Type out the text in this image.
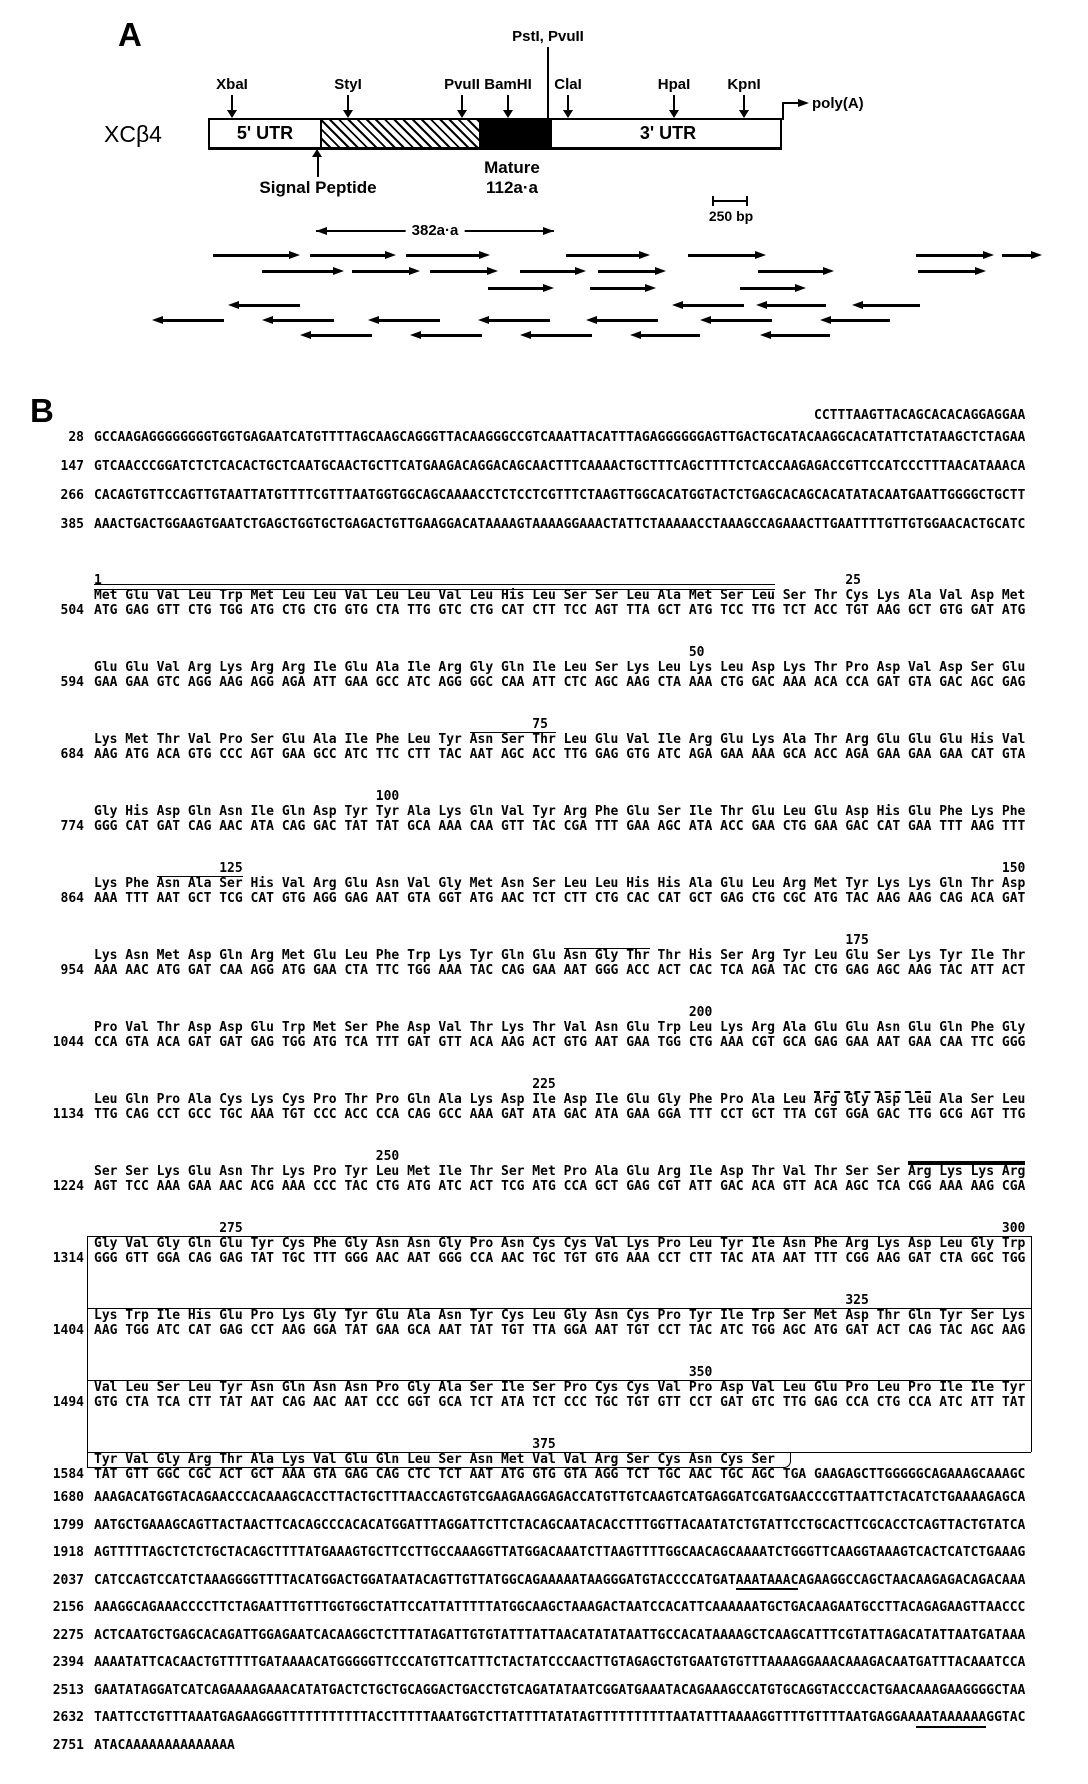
A
XCβ4
PstI, PvuII
5' UTR	3' UTR
Signal Peptide
Mature
112a·a
250 bp
382a·a
poly(A)
XbaI	StyI	PvuII BamHI ClaI	HpaI KpnI
B	CCTTTAAGTTACAGCACACAGGAGGAA
28 GCCAAGAGGGGGGGGTGGTGAGAATCATGTTTTAGCAAGCAGGGTTACAAGGGCCGTCAAATTACATTTAGAGGGGGGAGTTGACTGCATACAAGGCACATATTCTATAAGCTCTAGAA
147 GTCAACCCGGATCTCTCACACTGCTCAATGCAACTGCTTCATGAAGACAGGACAGCAACTTTCAAAACTGCTTTCAGCTTTTCTCACCAAGAGACCGTTCCATCCCTTTAACATAAACA
266 CACAGTGTTCCAGTTGTAATTATGTTTTCGTTTAATGGTGGCAGCAAAACCTCTCCTCGTTTCTAAGTTGGCACATGGTACTCTGAGCACAGCACATATACAATGAATTGGGGCTGCTT
385 AAACTGACTGGAAGTGAATCTGAGCTGGTGCTGAGACTGTTGAAGGACATAAAAGTAAAAGGAAACTATTCTAAAAACCTAAAGCCAGAAACTTGAATTTTGTTGTGGAACACTGCATC
1	25
Met Glu Val Leu Trp Met Leu Leu Val Leu Leu Val Leu His Leu Ser Ser Leu Ala Met Ser Leu Ser Thr Cys Lys Ala Val Asp Met
504 ATG GAG GTT CTG TGG ATG CTG CTG GTG CTA TTG GTC CTG CAT CTT TCC AGT TTA GCT ATG TCC TTG TCT ACC TGT AAG GCT GTG GAT ATG
50
Glu Glu Val Arg Lys Arg Arg Ile Glu Ala Ile Arg Gly Gln Ile Leu Ser Lys Leu Lys Leu Asp Lys Thr Pro Asp Val Asp Ser Glu
594 GAA GAA GTC AGG AAG AGG AGA ATT GAA GCC ATC AGG GGC CAA ATT CTC AGC AAG CTA AAA CTG GAC AAA ACA CCA GAT GTA GAC AGC GAG
75
Lys Met Thr Val Pro Ser Glu Ala Ile Phe Leu Tyr Asn Ser Thr Leu Glu Val Ile Arg Glu Lys Ala Thr Arg Glu Glu Glu His Val
684 AAG ATG ACA GTG CCC AGT GAA GCC ATC TTC CTT TAC AAT AGC ACC TTG GAG GTG ATC AGA GAA AAA GCA ACC AGA GAA GAA GAA CAT GTA
100
Gly His Asp Gln Asn Ile Gln Asp Tyr Tyr Ala Lys Gln Val Tyr Arg Phe Glu Ser Ile Thr Glu Leu Glu Asp His Glu Phe Lys Phe
774 GGG CAT GAT CAG AAC ATA CAG GAC TAT TAT GCA AAA CAA GTT TAC CGA TTT GAA AGC ATA ACC GAA CTG GAA GAC CAT GAA TTT AAG TTT
125	150
Lys Phe Asn Ala Ser His Val Arg Glu Asn Val Gly Met Asn Ser Leu Leu His His Ala Glu Leu Arg Met Tyr Lys Lys Gln Thr Asp
864 AAA TTT AAT GCT TCG CAT GTG AGG GAG AAT GTA GGT ATG AAC TCT CTT CTG CAC CAT GCT GAG CTG CGC ATG TAC AAG AAG CAG ACA GAT
175
Lys Asn Met Asp Gln Arg Met Glu Leu Phe Trp Lys Tyr Gln Glu Asn Gly Thr Thr His Ser Arg Tyr Leu Glu Ser Lys Tyr Ile Thr
954 AAA AAC ATG GAT CAA AGG ATG GAA CTA TTC TGG AAA TAC CAG GAA AAT GGG ACC ACT CAC TCA AGA TAC CTG GAG AGC AAG TAC ATT ACT
200
Pro Val Thr Asp Asp Glu Trp Met Ser Phe Asp Val Thr Lys Thr Val Asn Glu Trp Leu Lys Arg Ala Glu Glu Asn Glu Gln Phe Gly
1044 CCA GTA ACA GAT GAT GAG TGG ATG TCA TTT GAT GTT ACA AAG ACT GTG AAT GAA TGG CTG AAA CGT GCA GAG GAA AAT GAA CAA TTC GGG
225
Leu Gln Pro Ala Cys Lys Cys Pro Thr Pro Gln Ala Lys Asp Ile Asp Ile Glu Gly Phe Pro Ala Leu Arg Gly Asp Leu Ala Ser Leu
1134 TTG CAG CCT GCC TGC AAA TGT CCC ACC CCA CAG GCC AAA GAT ATA GAC ATA GAA GGA TTT CCT GCT TTA CGT GGA GAC TTG GCG AGT TTG
250
Ser Ser Lys Glu Asn Thr Lys Pro Tyr Leu Met Ile Thr Ser Met Pro Ala Glu Arg Ile Asp Thr Val Thr Ser Ser Arg Lys Lys Arg
1224 AGT TCC AAA GAA AAC ACG AAA CCC TAC CTG ATG ATC ACT TCG ATG CCA GCT GAG CGT ATT GAC ACA GTT ACA AGC TCA CGG AAA AAG CGA
275	300
Gly Val Gly Gln Glu Tyr Cys Phe Gly Asn Asn Gly Pro Asn Cys Cys Val Lys Pro Leu Tyr Ile Asn Phe Arg Lys Asp Leu Gly Trp
1314 GGG GTT GGA CAG GAG TAT TGC TTT GGG AAC AAT GGG CCA AAC TGC TGT GTG AAA CCT CTT TAC ATA AAT TTT CGG AAG GAT CTA GGC TGG
325
Lys Trp Ile His Glu Pro Lys Gly Tyr Glu Ala Asn Tyr Cys Leu Gly Asn Cys Pro Tyr Ile Trp Ser Met Asp Thr Gln Tyr Ser Lys
1404 AAG TGG ATC CAT GAG CCT AAG GGA TAT GAA GCA AAT TAT TGT TTA GGA AAT TGT CCT TAC ATC TGG AGC ATG GAT ACT CAG TAC AGC AAG
350
Val Leu Ser Leu Tyr Asn Gln Asn Asn Pro Gly Ala Ser Ile Ser Pro Cys Cys Val Pro Asp Val Leu Glu Pro Leu Pro Ile Ile Tyr
1494 GTG CTA TCA CTT TAT AAT CAG AAC AAT CCC GGT GCA TCT ATA TCT CCC TGC TGT GTT CCT GAT GTC TTG GAG CCA CTG CCA ATC ATT TAT
375
Tyr Val Gly Arg Thr Ala Lys Val Glu Gln Leu Ser Asn Met Val Val Arg Ser Cys Asn Cys Ser
1584 TAT GTT GGC CGC ACT GCT AAA GTA GAG CAG CTC TCT AAT ATG GTG GTA AGG TCT TGC AAC TGC AGC TGA GAAGAGCTTGGGGGCAGAAAGCAAAGC
1680 AAAGACATGGTACAGAACCCACAAAGCACCTTACTGCTTTAACCAGTGTCGAAGAAGGAGACCATGTTGTCAAGTCATGAGGATCGATGAACCCGTTAATTCTACATCTGAAAAGAGCA
1799 AATGCTGAAAGCAGTTACTAACTTCACAGCCCACACATGGATTTAGGATTCTTCTACAGCAATACACCTTTGGTTACAATATCTGTATTCCTGCACTTCGCACCTCAGTTACTGTATCA
1918 AGTTTTTAGCTCTCTGCTACAGCTTTTATGAAAGTGCTTCCTTGCCAAAGGTTATGGACAAATCTTAAGTTTTGGCAACAGCAAAATCTGGGTTCAAGGTAAAGTCACTCATCTGAAAG
2037 CATCCAGTCCATCTAAAGGGGTTTTACATGGACTGGATAATACAGTTGTTATGGCAGAAAAATAAGGGATGTACCCCATGATAAATAAACAGAAGGCCAGCTAACAAGAGACAGACAAA
2156 AAAGGCAGAAACCCCTTCTAGAATTTGTTTGGTGGCTATTCCATTATTTTTATGGCAAGCTAAAGACTAATCCACATTCAAAAAATGCTGACAAGAATGCCTTACAGAGAAGTTAACCC
2275 ACTCAATGCTGAGCACAGATTGGAGAATCACAAGGCTCTTTATAGATTGTGTATTTATTAACATATATAATTGCCACATAAAAGCTCAAGCATTTCGTATTAGACATATTAATGATAAA
2394 AAAATATTCACAACTGTTTTTGATAAAACATGGGGGTTCCCATGTTCATTTCTACTATCCCAACTTGTAGAGCTGTGAATGTGTTTAAAAGGAAACAAAGACAATGATTTACAAATCCA
2513 GAATATAGGATCATCAGAAAAGAAACATATGACTCTGCTGCAGGACTGACCTGTCAGATATAATCGGATGAAATACAGAAAGCCATGTGCAGGTACCCACTGAACAAAGAAGGGGCTAA
2632 TAATTCCTGTTTAAATGAGAAGGGTTTTTTTTTTTACCTTTTTAAATGGTCTTATTTTATATAGTTTTTTTTTTAATATTTAAAAGGTTTTGTTTTAATGAGGAAAATAAAAAAGGTAC
2751 ATACAAAAAAAAAAAAAA
